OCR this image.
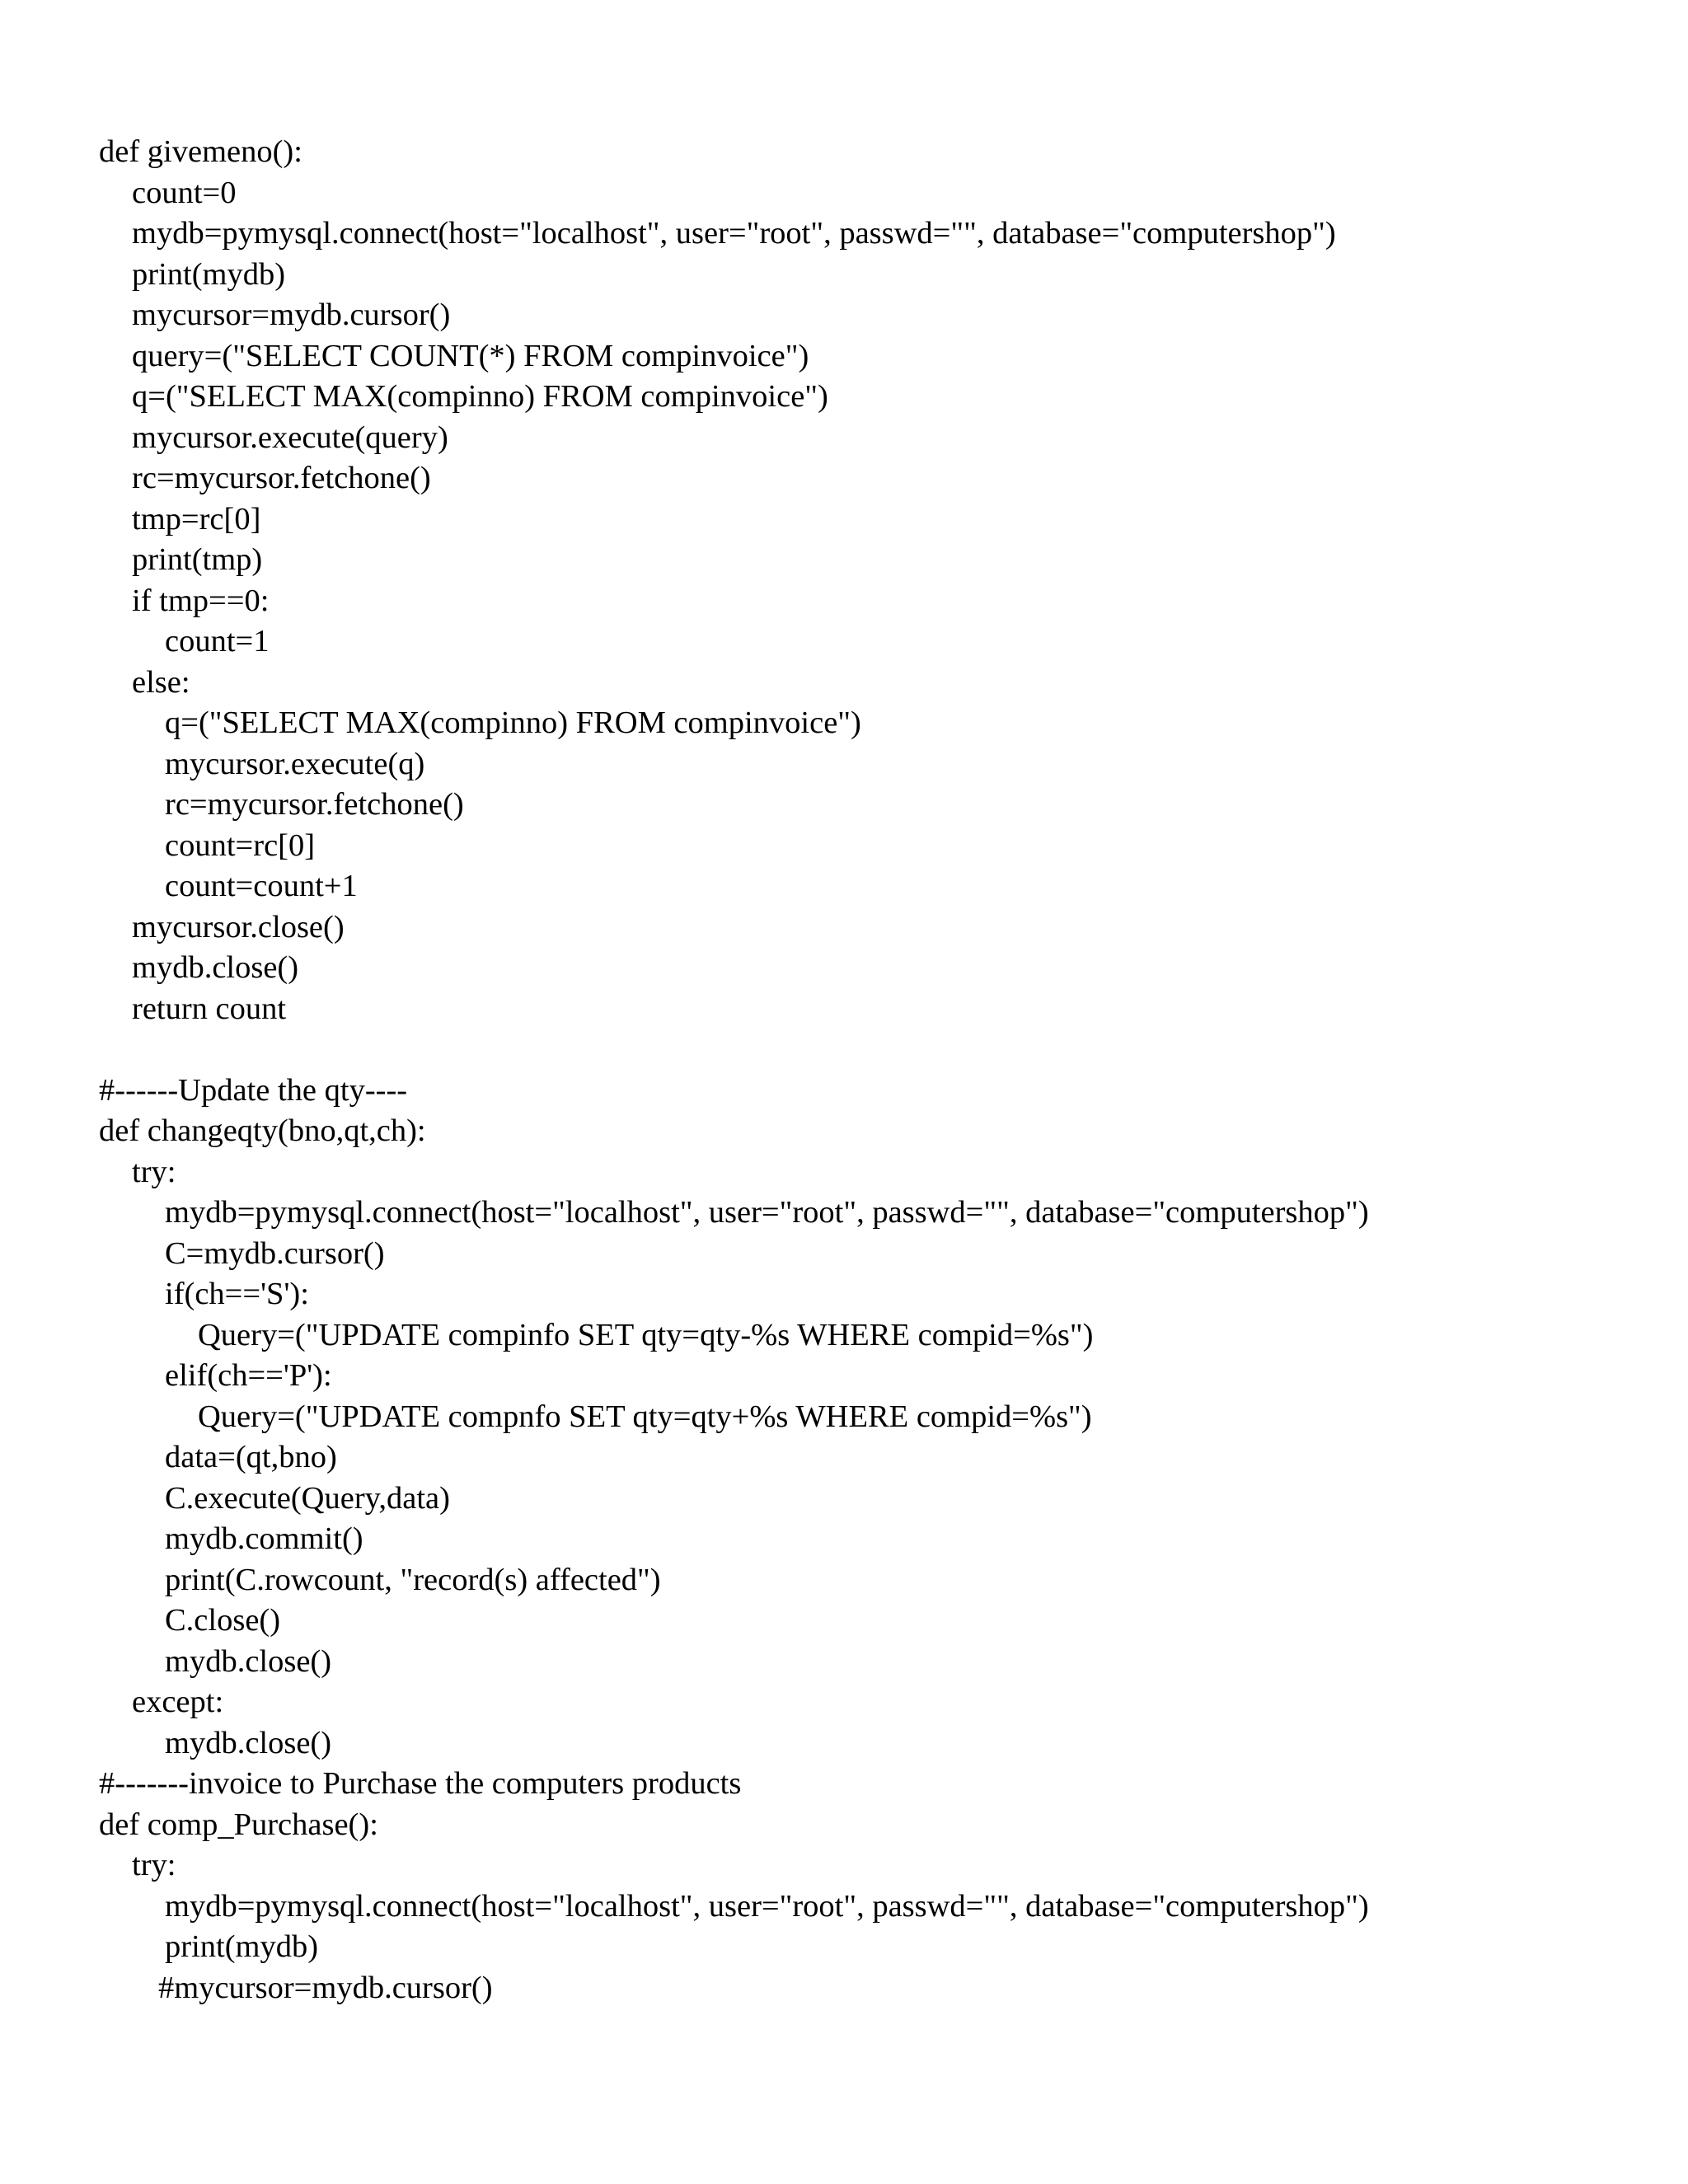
def givemeno():
count=0
mydb=pymysql.connect(host="localhost", user="root", passwd="", database="computershop")
print(mydb)
mycursor=mydb.cursor()
query=("SELECT COUNT(*) FROM compinvoice")
q=("SELECT MAX(compinno) FROM compinvoice")
mycursor.execute(query)
rc=mycursor.fetchone()
tmp=rc[0]
print(tmp)
if tmp==0:
count=1
else:
q=("SELECT MAX(compinno) FROM compinvoice")
mycursor.execute(q)
rc=mycursor.fetchone()
count=rc[0]
count=count+1
mycursor.close()
mydb.close()
return count
#------Update the qty----
def changeqty(bno,qt,ch):
try:
mydb=pymysql.connect(host="localhost", user="root", passwd="", database="computershop")
C=mydb.cursor()
if(ch=='S'):
Query=("UPDATE compinfo SET qty=qty-%s WHERE compid=%s")
elif(ch=='P'):
Query=("UPDATE compnfo SET qty=qty+%s WHERE compid=%s")
data=(qt,bno)
C.execute(Query,data)
mydb.commit()
print(C.rowcount, "record(s) affected")
C.close()
mydb.close()
except:
mydb.close()
#-------invoice to Purchase the computers products
def comp_Purchase():
try:
mydb=pymysql.connect(host="localhost", user="root", passwd="", database="computershop")
print(mydb)
#mycursor=mydb.cursor()
